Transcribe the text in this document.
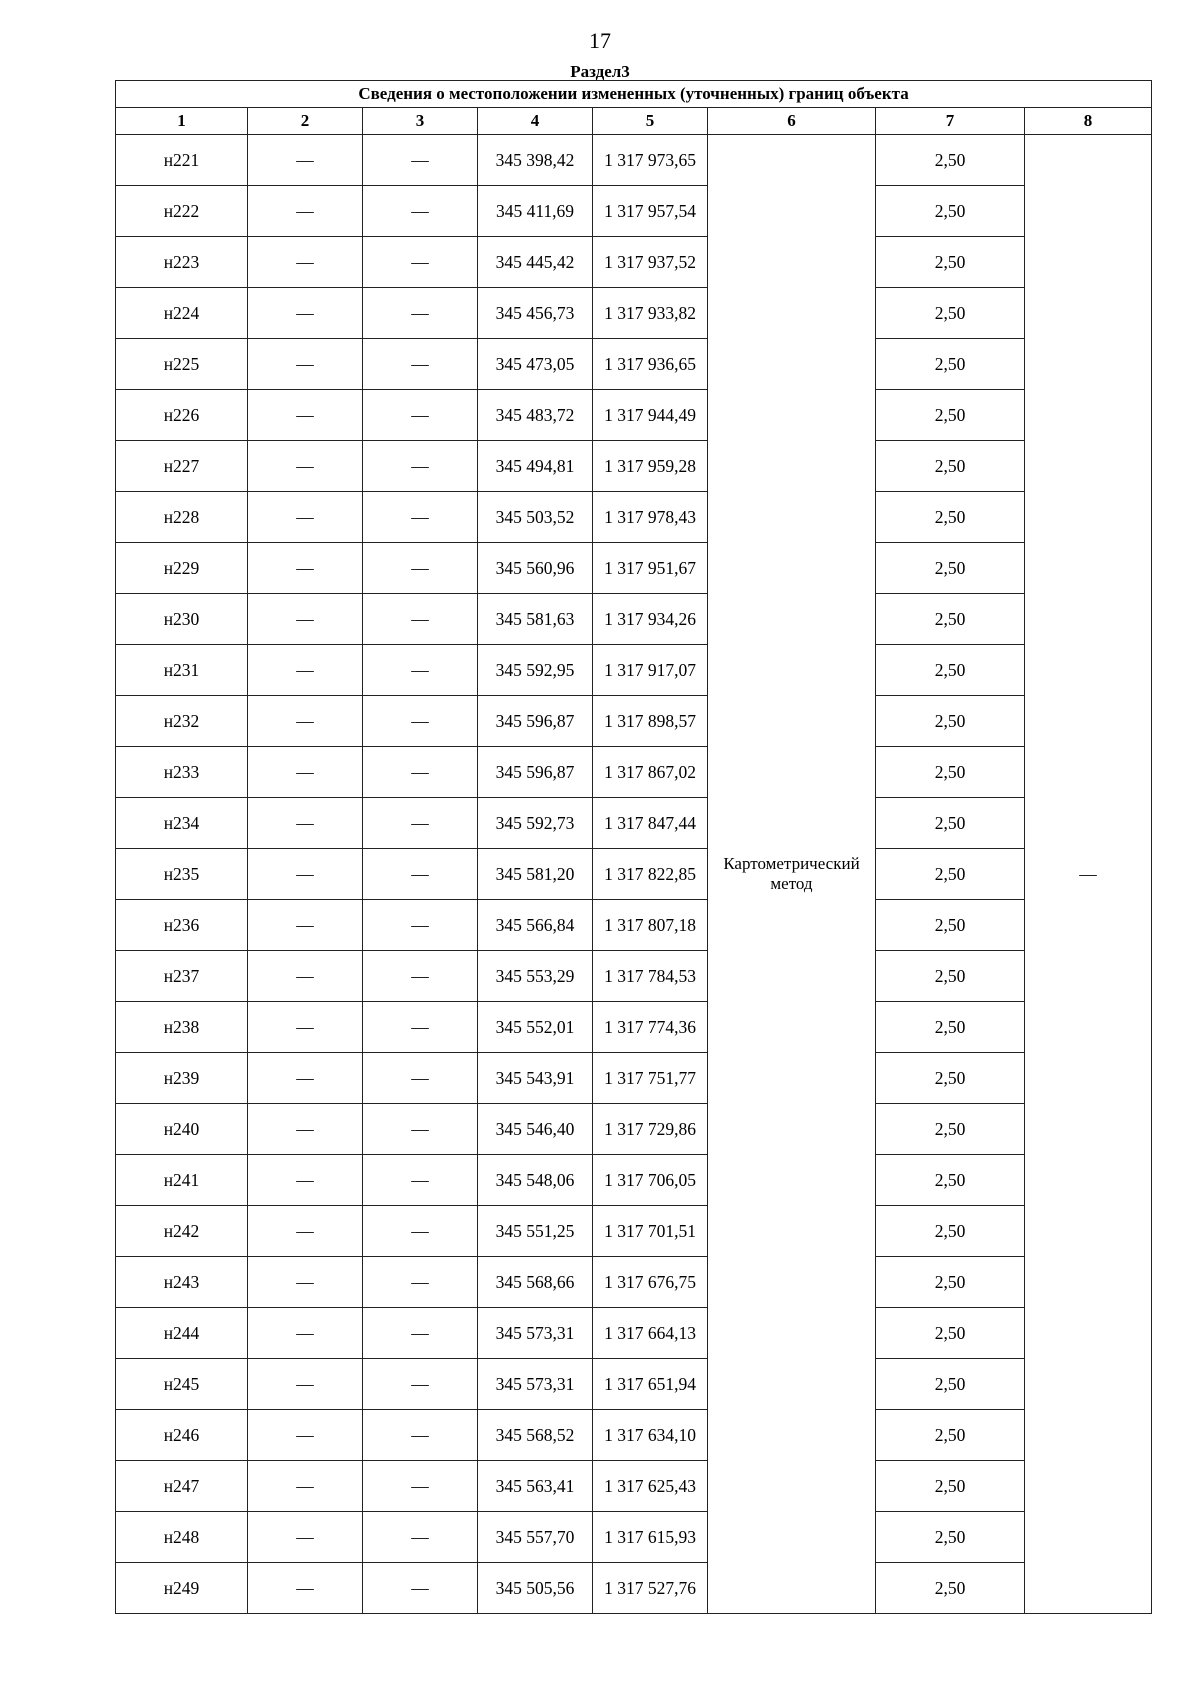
17
Раздел3
Сведения о местоположении измененных (уточненных) границ объекта							
1	2	3	4	5	6	7	8
н221	—	—	345 398,42	1 317 973,65	Картометрический
метод	2,50	—
н222	—	—	345 411,69	1 317 957,54		2,50	
н223	—	—	345 445,42	1 317 937,52		2,50	
н224	—	—	345 456,73	1 317 933,82		2,50	
н225	—	—	345 473,05	1 317 936,65		2,50	
н226	—	—	345 483,72	1 317 944,49		2,50	
н227	—	—	345 494,81	1 317 959,28		2,50	
н228	—	—	345 503,52	1 317 978,43		2,50	
н229	—	—	345 560,96	1 317 951,67		2,50	
н230	—	—	345 581,63	1 317 934,26		2,50	
н231	—	—	345 592,95	1 317 917,07		2,50	
н232	—	—	345 596,87	1 317 898,57		2,50	
н233	—	—	345 596,87	1 317 867,02		2,50	
н234	—	—	345 592,73	1 317 847,44		2,50	
н235	—	—	345 581,20	1 317 822,85		2,50	
н236	—	—	345 566,84	1 317 807,18		2,50	
н237	—	—	345 553,29	1 317 784,53		2,50	
н238	—	—	345 552,01	1 317 774,36		2,50	
н239	—	—	345 543,91	1 317 751,77		2,50	
н240	—	—	345 546,40	1 317 729,86		2,50	
н241	—	—	345 548,06	1 317 706,05		2,50	
н242	—	—	345 551,25	1 317 701,51		2,50	
н243	—	—	345 568,66	1 317 676,75		2,50	
н244	—	—	345 573,31	1 317 664,13		2,50	
н245	—	—	345 573,31	1 317 651,94		2,50	
н246	—	—	345 568,52	1 317 634,10		2,50	
н247	—	—	345 563,41	1 317 625,43		2,50	
н248	—	—	345 557,70	1 317 615,93		2,50	
н249	—	—	345 505,56	1 317 527,76		2,50	
